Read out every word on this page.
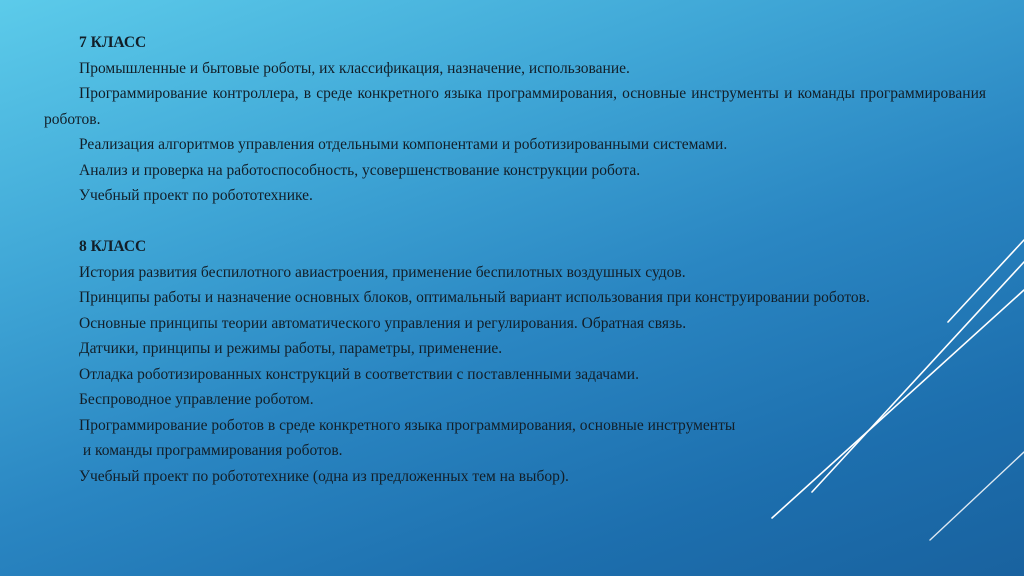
7 КЛАСС

Промышленные и бытовые роботы, их классификация, назначение, использование.

Программирование контроллера, в среде конкретного языка программирования, основные инструменты и команды программирования роботов.

Реализация алгоритмов управления отдельными компонентами и роботизированными системами.

Анализ и проверка на работоспособность, усовершенствование конструкции робота.

Учебный проект по робототехнике.

8 КЛАСС

История развития беспилотного авиастроения, применение беспилотных воздушных судов.

Принципы работы и назначение основных блоков, оптимальный вариант использования при конструировании роботов.

Основные принципы теории автоматического управления и регулирования. Обратная связь.

Датчики, принципы и режимы работы, параметры, применение.

Отладка роботизированных конструкций в соответствии с поставленными задачами.

Беспроводное управление роботом.

Программирование роботов в среде конкретного языка программирования, основные инструменты

и команды программирования роботов.

Учебный проект по робототехнике (одна из предложенных тем на выбор).
